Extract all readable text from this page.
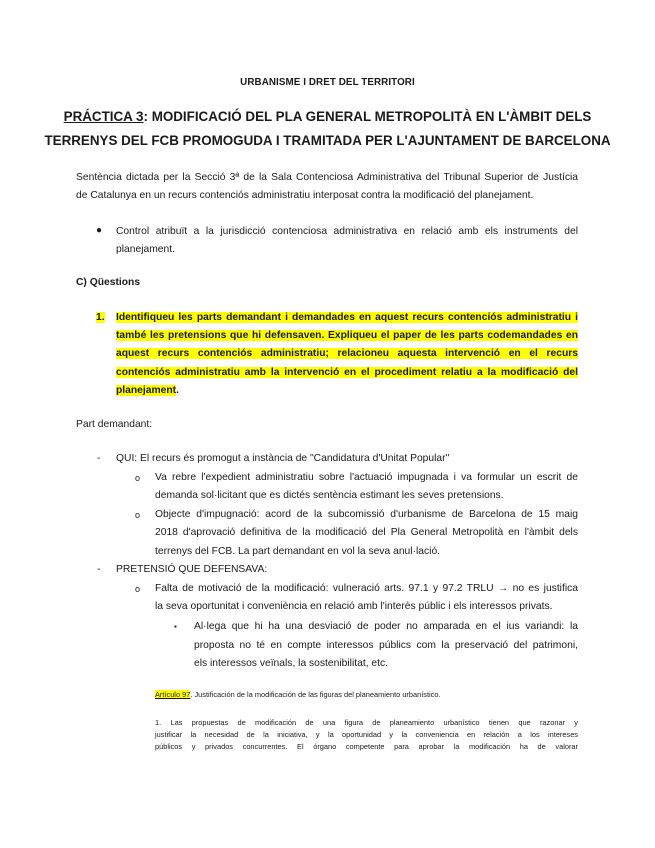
URBANISME I DRET DEL TERRITORI
PRÁCTICA 3: MODIFICACIÓ DEL PLA GENERAL METROPOLITÀ EN L'ÀMBIT DELS
TERRENYS DEL FCB PROMOGUDA I TRAMITADA PER L'AJUNTAMENT DE BARCELONA
Sentència dictada per la Secció 3ª de la Sala Contenciosa Administrativa del Tribunal Superior de Justícia
de Catalunya en un recurs contenciós administratiu interposat contra la modificació del planejament.
● Control atribuït a la jurisdicció contenciosa administrativa en relació amb els instruments del
planejament.
C) Qüestions
1. Identifiqueu les parts demandant i demandades en aquest recurs contenciós administratiu i
també les pretensions que hi defensaven. Expliqueu el paper de les parts codemandades en
aquest recurs contenciós administratiu; relacioneu aquesta intervenció en el recurs
contenciós administratiu amb la intervenció en el procediment relatiu a la modificació del
planejament.
Part demandant:
- QUI: El recurs és promogut a instància de "Candidatura d'Unitat Popular"
o Va rebre l'expedient administratiu sobre l'actuació impugnada i va formular un escrit de
demanda sol·licitant que es dictés sentència estimant les seves pretensions.
o Objecte d'impugnació: acord de la subcomissió d'urbanisme de Barcelona de 15 maig
2018 d'aprovació definitiva de la modificació del Pla General Metropolità en l'àmbit dels
terrenys del FCB. La part demandant en vol la seva anul·lació.
- PRETENSIÓ QUE DEFENSAVA:
o Falta de motivació de la modificació: vulneració arts. 97.1 y 97.2 TRLU → no es justifica
la seva oportunitat i conveniència en relació amb l'interès públic i els interessos privats.
▪ Al·lega que hi ha una desviació de poder no amparada en el ius variandi: la
proposta no té en compte interessos públics com la preservació del patrimoni,
els interessos veïnals, la sostenibilitat, etc.
Artículo 97. Justificación de la modificación de las figuras del planeamiento urbanístico.
1. Las propuestas de modificación de una figura de planeamiento urbanístico tienen que razonar y
justificar la necesidad de la iniciativa, y la oportunidad y la conveniencia en relación a los intereses
públicos y privados concurrentes. El órgano competente para aprobar la modificación ha de valorar
